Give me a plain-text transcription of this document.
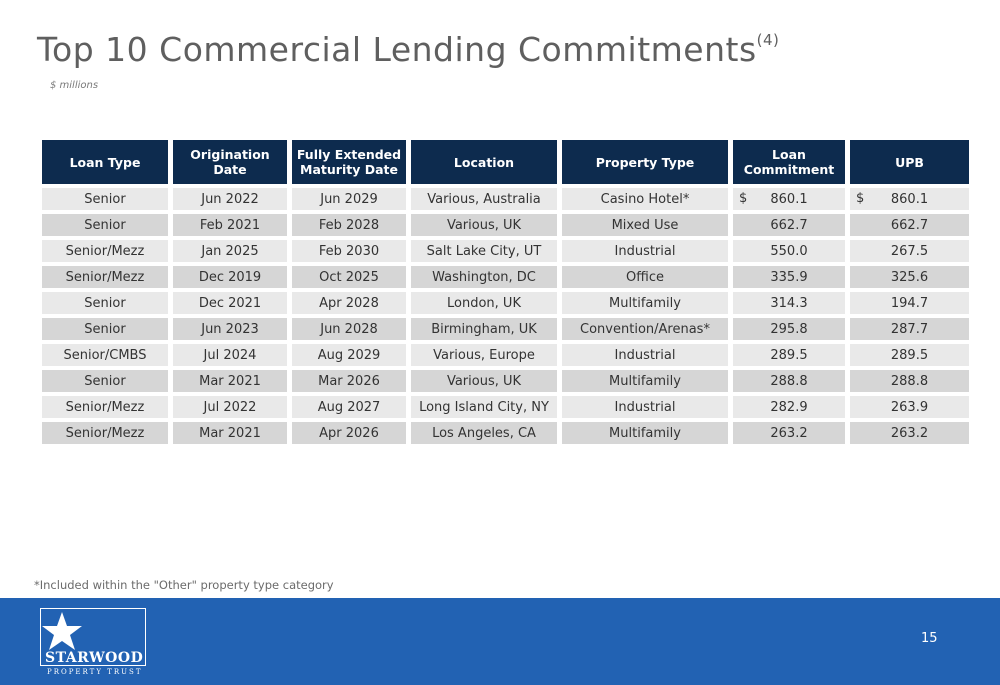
Top 10 Commercial Lending Commitments$^{(4)}$
$ millions
Loan Type	Origination Date	Fully Extended Maturity Date	Location	Property Type	Loan Commitment	UPB
Senior	Jun 2022	Jun 2029	Various, Australia	Casino Hotel*	$ 860.1	$ 860.1
Senior	Feb 2021	Feb 2028	Various, UK	Mixed Use	662.7	662.7
Senior/Mezz	Jan 2025	Feb 2030	Salt Lake City, UT	Industrial	550.0	267.5
Senior/Mezz	Dec 2019	Oct 2025	Washington, DC	Office	335.9	325.6
Senior	Dec 2021	Apr 2028	London, UK	Multifamily	314.3	194.7
Senior	Jun 2023	Jun 2028	Birmingham, UK	Convention/Arenas*	295.8	287.7
Senior/CMBS	Jul 2024	Aug 2029	Various, Europe	Industrial	289.5	289.5
Senior	Mar 2021	Mar 2026	Various, UK	Multifamily	288.8	288.8
Senior/Mezz	Jul 2022	Aug 2027	Long Island City, NY	Industrial	282.9	263.9
Senior/Mezz	Mar 2021	Apr 2026	Los Angeles, CA	Multifamily	263.2	263.2
*Included within the "Other" property type category
STARWOOD
PROPERTY TRUST
15
